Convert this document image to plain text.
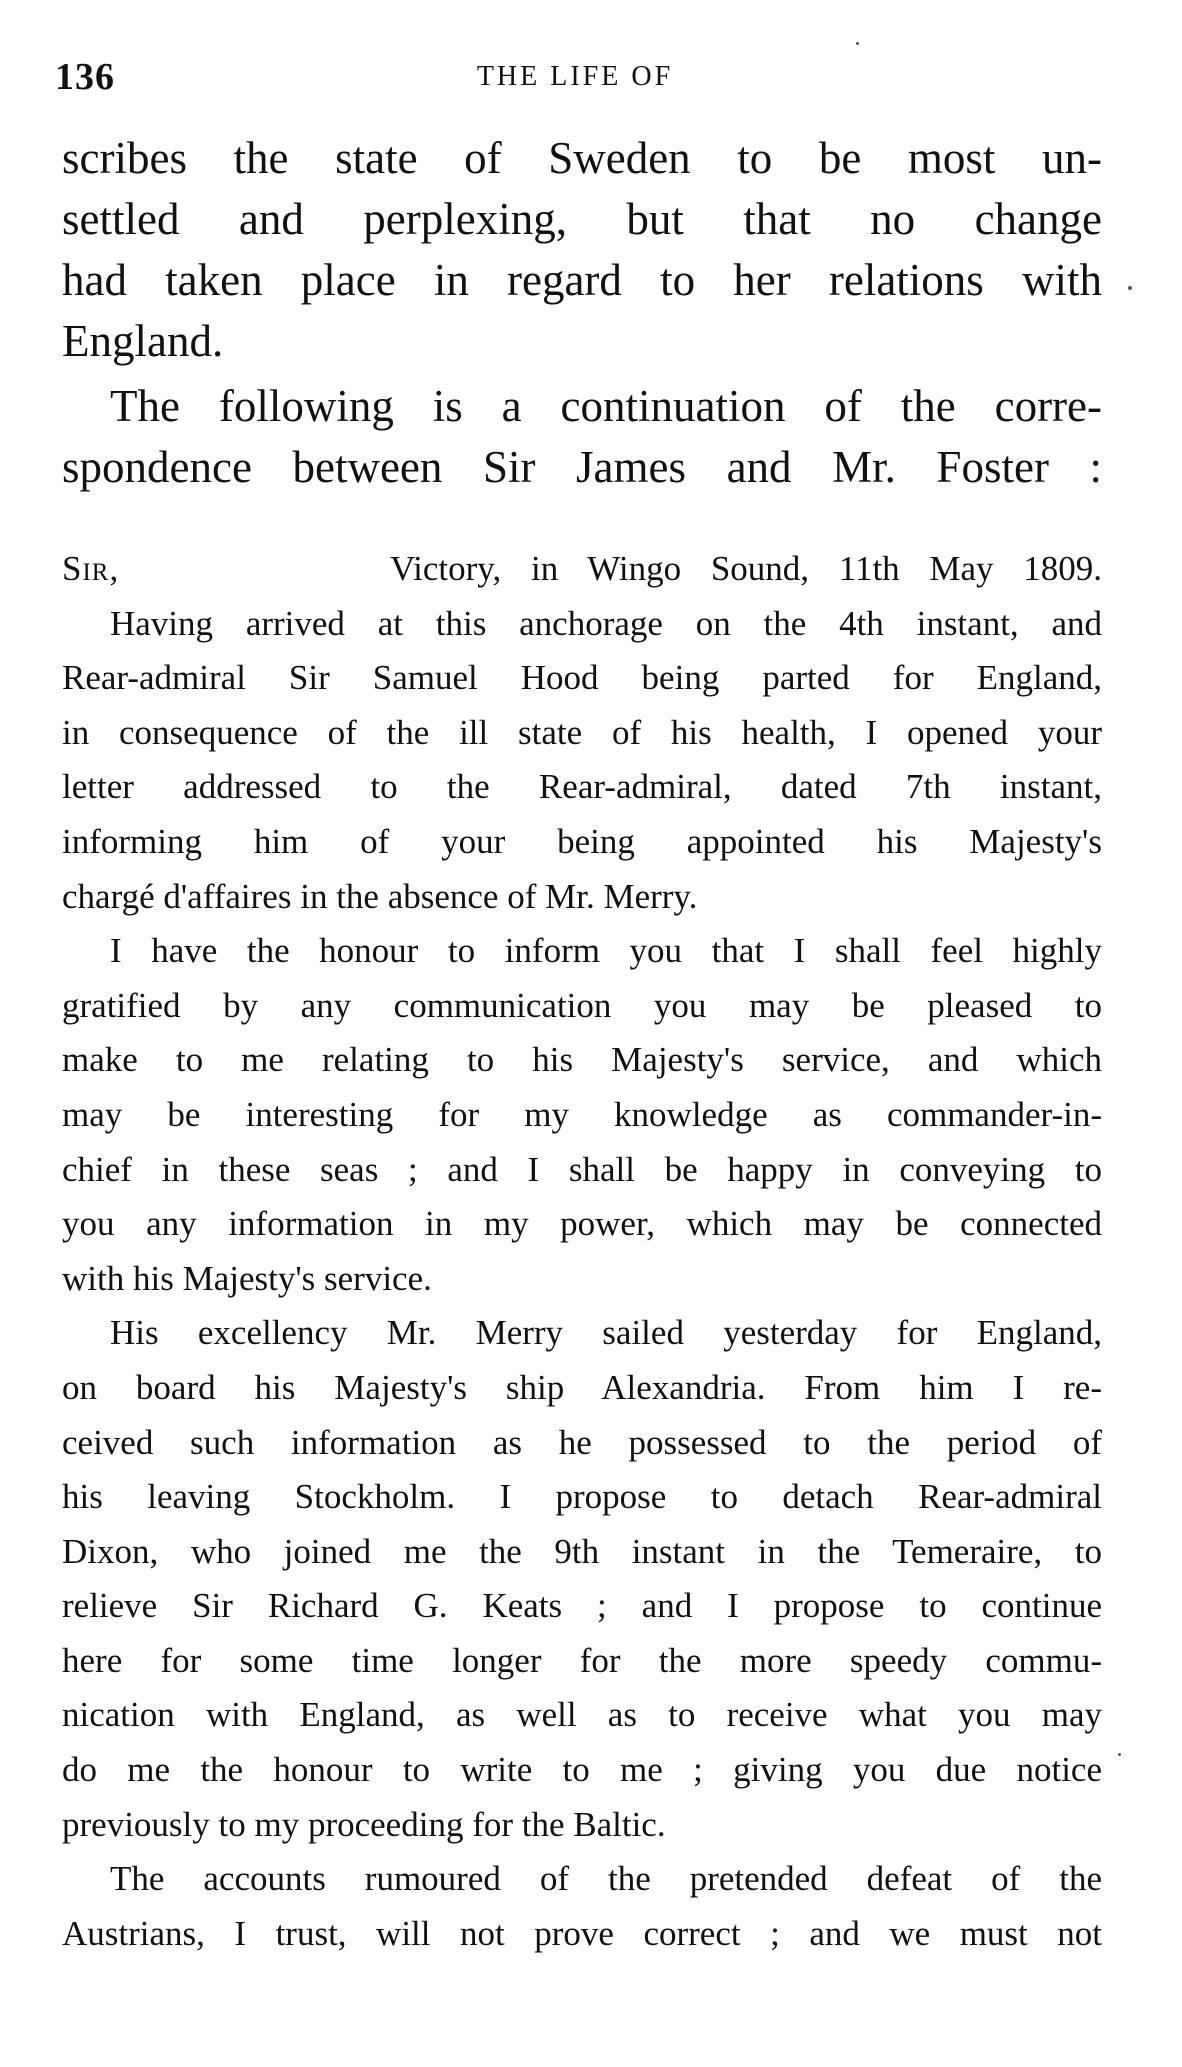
136	THE LIFE OF
scribes the state of Sweden to be most un-
settled and perplexing, but that no change
had taken place in regard to her relations with
England.
The following is a continuation of the corre-
spondence between Sir James and Mr. Foster :
Sir,	Victory, in Wingo Sound, 11th May 1809.
Having arrived at this anchorage on the 4th instant, and
Rear-admiral Sir Samuel Hood being parted for England,
in consequence of the ill state of his health, I opened your
letter addressed to the Rear-admiral, dated 7th instant,
informing him of your being appointed his Majesty's
chargé d'affaires in the absence of Mr. Merry.
I have the honour to inform you that I shall feel highly
gratified by any communication you may be pleased to
make to me relating to his Majesty's service, and which
may be interesting for my knowledge as commander-in-
chief in these seas ; and I shall be happy in conveying to
you any information in my power, which may be connected
with his Majesty's service.
His excellency Mr. Merry sailed yesterday for England,
on board his Majesty's ship Alexandria. From him I re-
ceived such information as he possessed to the period of
his leaving Stockholm. I propose to detach Rear-admiral
Dixon, who joined me the 9th instant in the Temeraire, to
relieve Sir Richard G. Keats ; and I propose to continue
here for some time longer for the more speedy commu-
nication with England, as well as to receive what you may
do me the honour to write to me ; giving you due notice
previously to my proceeding for the Baltic.
The accounts rumoured of the pretended defeat of the
Austrians, I trust, will not prove correct ; and we must not
